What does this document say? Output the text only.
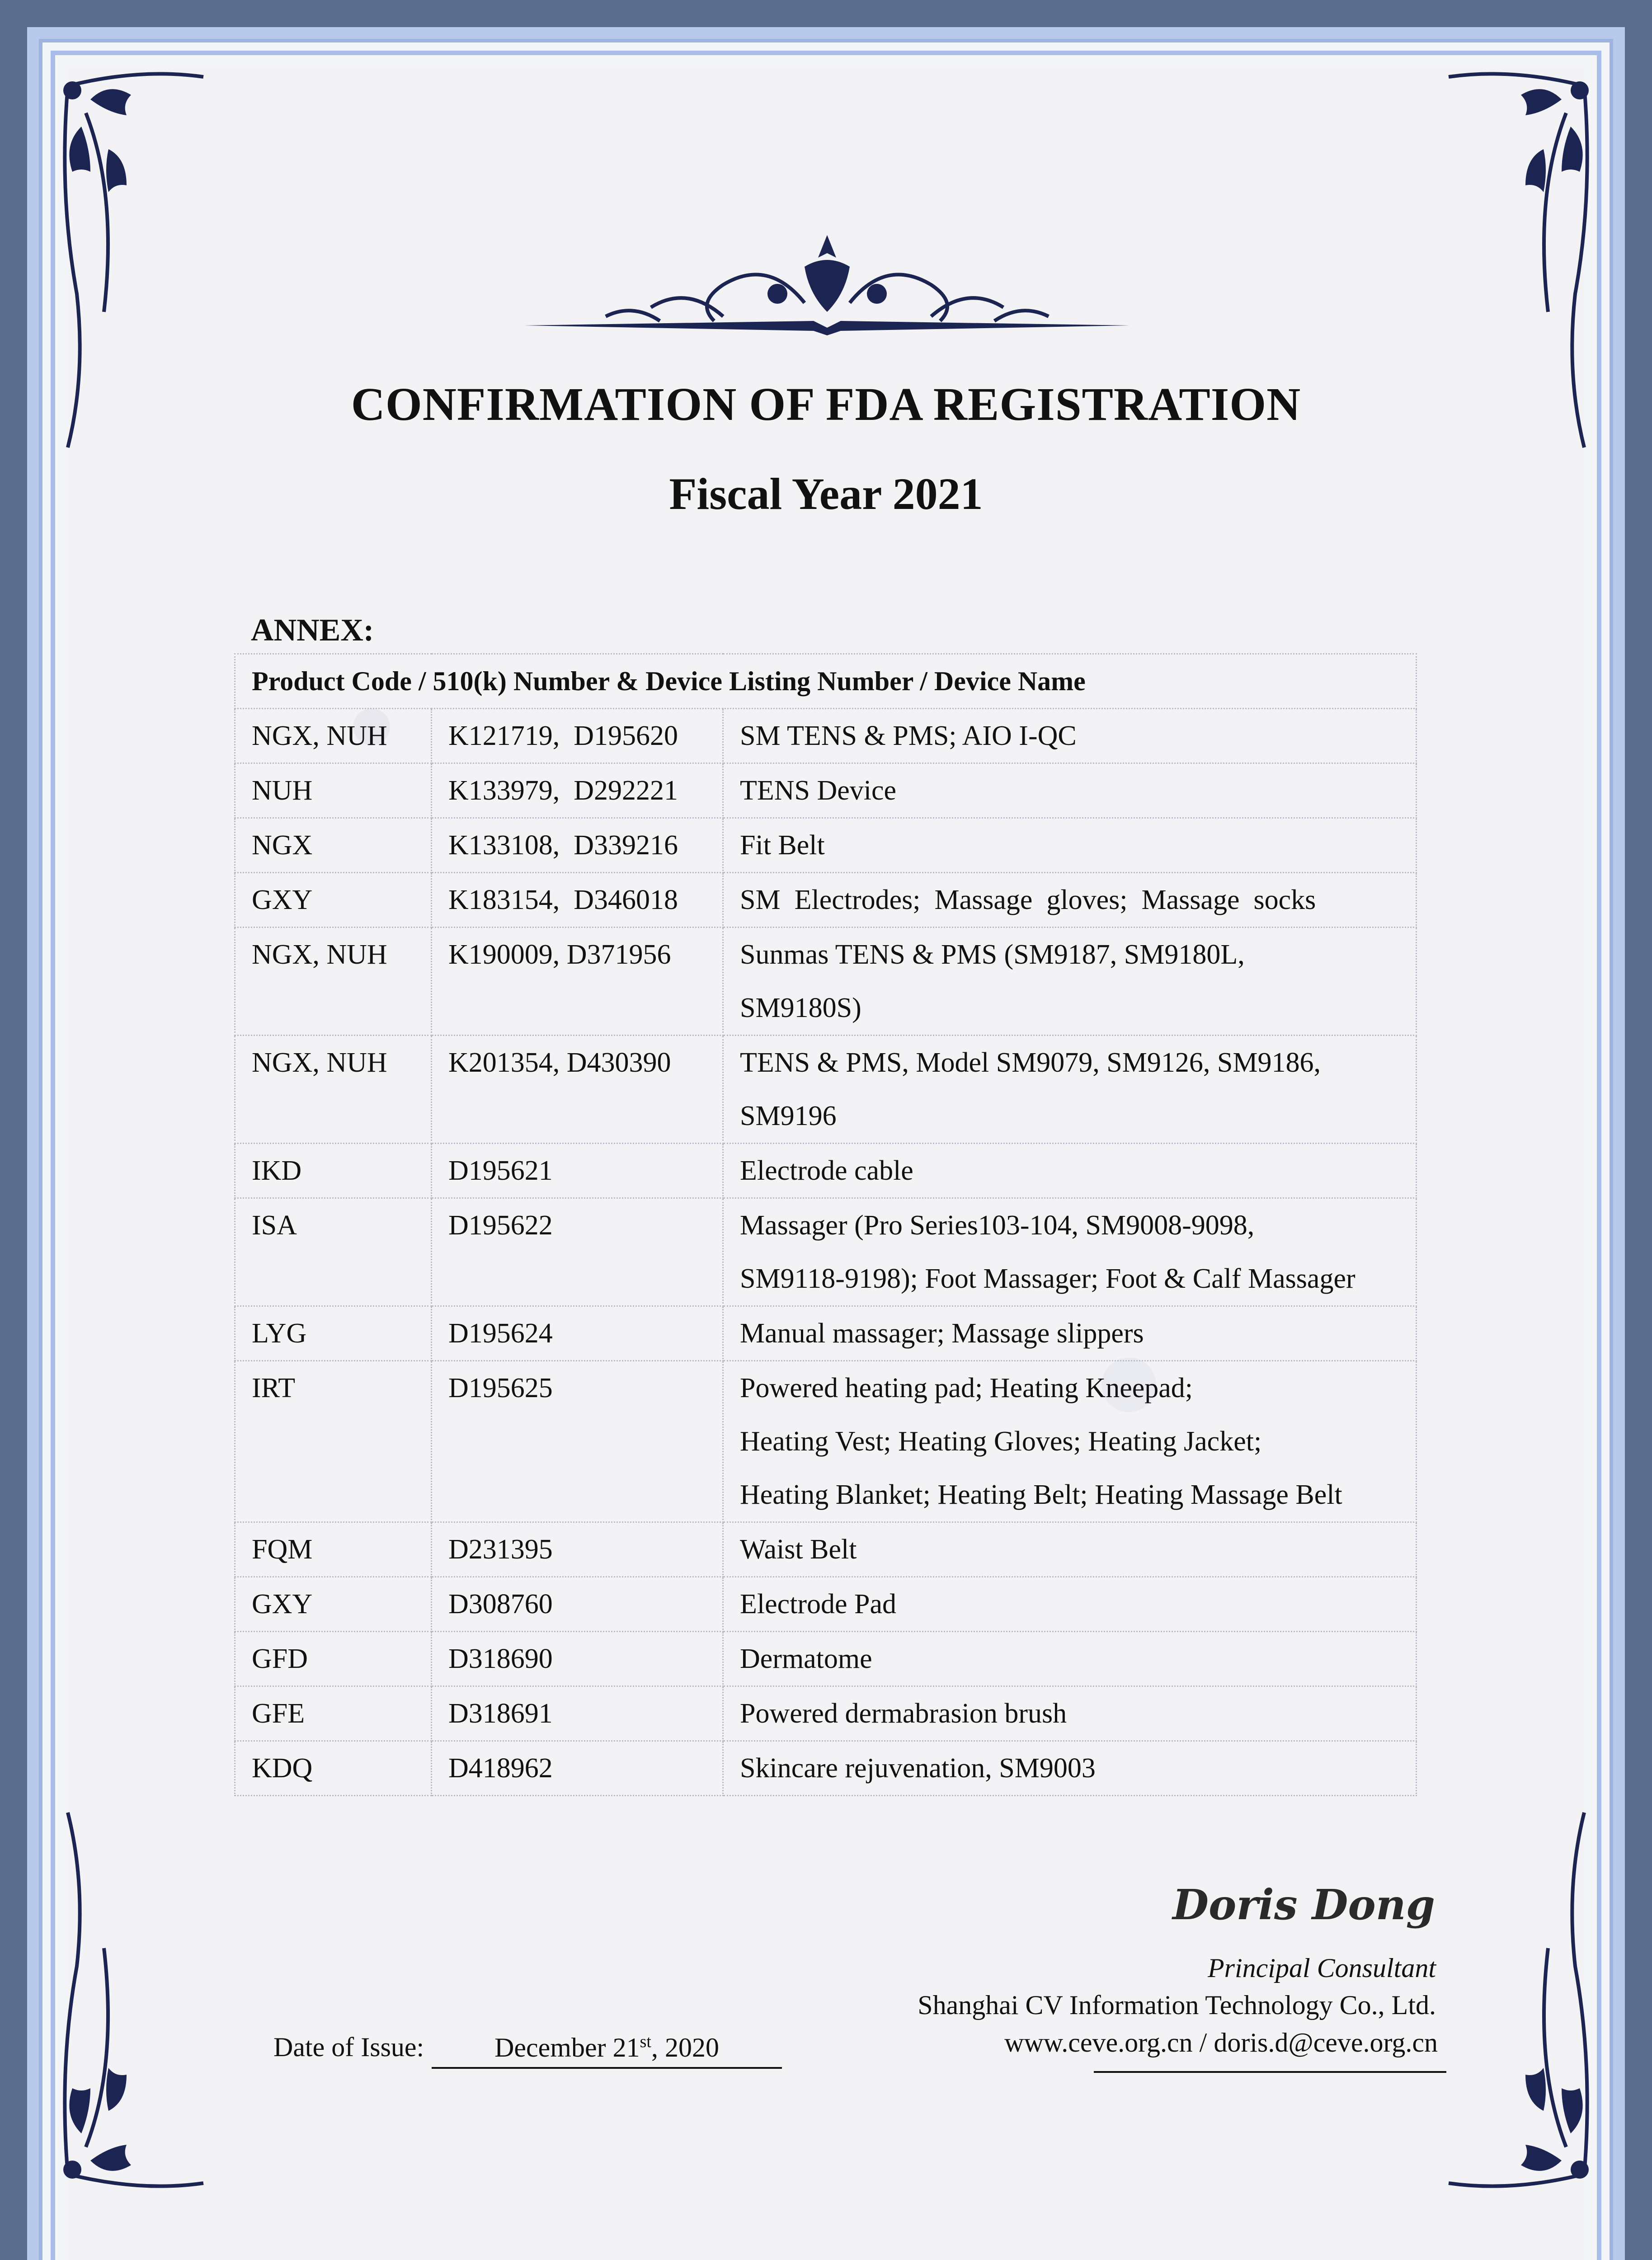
CONFIRMATION OF FDA REGISTRATION
Fiscal Year 2021
ANNEX:
Product Code / 510(k) Number & Device Listing Number / Device Name		
NGX, NUH	K121719,  D195620	SM TENS & PMS; AIO I-QC

NUH	K133979,  D292221	TENS Device

NGX	K133108,  D339216	Fit Belt

GXY	K183154,  D346018	SM  Electrodes;  Massage  gloves;  Massage  socks

NGX, NUH	K190009, D371956	Sunmas TENS & PMS (SM9187, SM9180L,
SM9180S)

NGX, NUH	K201354, D430390	TENS & PMS, Model SM9079, SM9126, SM9186,
SM9196

IKD	D195621	Electrode cable

ISA	D195622	Massager (Pro Series103-104, SM9008-9098,
SM9118-9198); Foot Massager; Foot & Calf Massager

LYG	D195624	Manual massager; Massage slippers

IRT	D195625	Powered heating pad; Heating Kneepad;
Heating Vest; Heating Gloves; Heating Jacket;
Heating Blanket; Heating Belt; Heating Massage Belt

FQM	D231395	Waist Belt

GXY	D308760	Electrode Pad

GFD	D318690	Dermatome

GFE	D318691	Powered dermabrasion brush

KDQ	D418962	Skincare rejuvenation, SM9003
Doris Dong
Principal Consultant
Shanghai CV Information Technology Co., Ltd.
www.ceve.org.cn / doris.d@ceve.org.cn
Date of Issue:	December 21st, 2020
